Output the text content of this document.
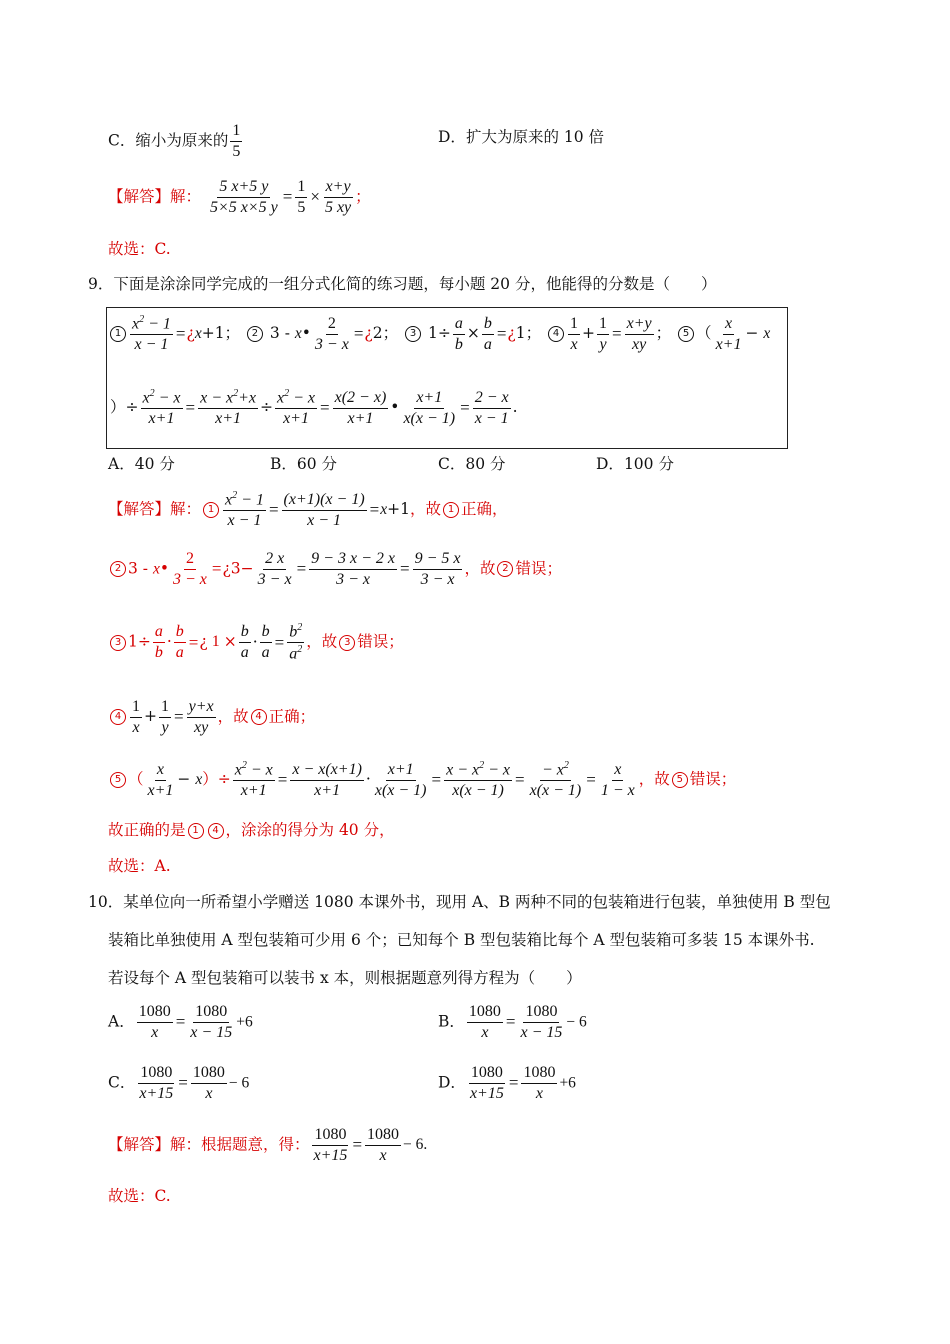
C．缩小为原来的 $\frac{1}{5}$	D．扩大为原来的 10 倍
【解答】解： $\frac{5 x+5 y}{5\times 5 x\times 5 y} = \frac{1}{5} \times \frac{x+y}{5 xy}$ ；
故选：C.
9．下面是涂涂同学完成的一组分式化简的练习题，每小题 20 分，他能得的分数是（　　）
$1 \frac{x^2 - 1}{x - 1}$ =¿x+1； 2 3 - x• $\frac{2}{3 - x}$ =¿2； 3 $1\div \frac{a}{b} \times \frac{b}{a}$ =¿1； $4 \frac{1}{x} + \frac{1}{y} = \frac{x+y}{xy}$ ； 5 （ $\frac{x}{x+1} - x$
）÷ $\frac{x^2 - x}{x+1} = \frac{x - x^2+x}{x+1} \div \frac{x^2 - x}{x+1} = \frac{x(2 - x)}{x+1}$ • $\frac{x+1}{x(x - 1)} = \frac{2 - x}{x - 1}$ .
A．40 分	B．60 分	C．80 分	D．100 分
【解答】解： $1 \frac{x^2 - 1}{x - 1} = \frac{(x+1)(x - 1)}{x - 1} =x+1$，故 1 正确，
2 3 - x• $\frac{2}{3 - x}$ =¿3− $\frac{2 x}{3 - x} = \frac{9 - 3 x - 2 x}{3 - x} = \frac{9 - 5 x}{3 - x}$ ，故 2 错误；
3 $1\div \frac{a}{b} \cdot \frac{b}{a}$ =¿ $1 \times \frac{b}{a} \cdot \frac{b}{a} = \frac{b^2}{a^2}$ ，故 3 错误；
$4 \frac{1}{x} + \frac{1}{y} = \frac{y+x}{xy}$ ，故 4 正确；
5 （ $\frac{x}{x+1} - x)\div \frac{x^2 - x}{x+1} = \frac{x - x(x+1)}{x+1} \cdot \frac{x+1}{x(x - 1)} = \frac{x - x^2 - x}{x(x - 1)} = \frac{- x^2}{x(x - 1)} = \frac{x}{1 - x}$ ，故 5 错误；
故正确的是 1 4 ，涂涂的得分为 40 分，
故选：A.
10．某单位向一所希望小学赠送 1080 本课外书，现用 A、B 两种不同的包装箱进行包装，单独使用 B 型包
装箱比单独使用 A 型包装箱可少用 6 个；已知每个 B 型包装箱比每个 A 型包装箱可多装 15 本课外书.
若设每个 A 型包装箱可以装书 x 本，则根据题意列得方程为（　　）
A． $\frac{1080}{x} = \frac{1080}{x - 15} +6$	B． $\frac{1080}{x} = \frac{1080}{x - 15} - 6$
C． $\frac{1080}{x+15} = \frac{1080}{x} - 6$	D． $\frac{1080}{x+15} = \frac{1080}{x} +6$
【解答】解：根据题意，得： $\frac{1080}{x+15} = \frac{1080}{x} - 6$.
故选：C.
